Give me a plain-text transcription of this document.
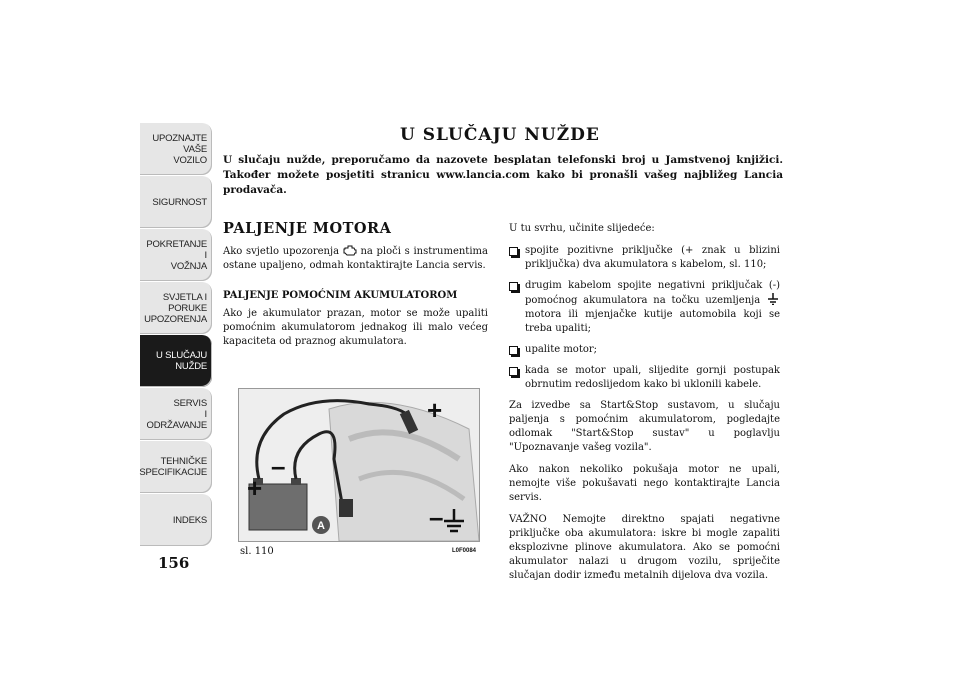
UPOZNAJTE
VAŠE
VOZILO
SIGURNOST
POKRETANJE
I
VOŽNJA
SVJETLA I
PORUKE
UPOZORENJA
U SLUČAJU
NUŽDE
SERVIS
I
ODRŽAVANJE
TEHNIČKE
SPECIFIKACIJE
INDEKS
156
U SLUČAJU NUŽDE
U slučaju nužde, preporučamo da nazovete besplatan telefonski broj u Jamstvenoj knjižici. Također možete posjetiti stranicu www.lancia.com kako bi pronašli vašeg najbližeg Lancia prodavača.
PALJENJE MOTORA

Ako svjetlo upozorenja na ploči s instrumentima ostane upaljeno, odmah kontaktirajte Lancia servis.

PALJENJE POMOĆNIM AKUMULATOROM

Ako je akumulator prazan, motor se može upaliti pomoćnim akumulatorom jednakog ili malo većeg kapaciteta od praznog akumulatora.

A
+
–
+
–
sl. 110	L0F0084

U tu svrhu, učinite slijedeće:

spojite pozitivne priključke (+ znak u blizini priključka) dva akumulatora s kabelom, sl. 110;
drugim kabelom spojite negativni priključak (-) pomoćnog akumulatora na točku uzemljenja  motora ili mjenjačke kutije automobila koji se treba upaliti;
upalite motor;
kada se motor upali, slijedite gornji postupak obrnutim redoslijedom kako bi uklonili kabele.

Za izvedbe sa Start&Stop sustavom, u slučaju paljenja s pomoćnim akumulatorom, pogledajte odlomak "Start&Stop sustav" u poglavlju "Upoznavanje vašeg vozila".

Ako nakon nekoliko pokušaja motor ne upali, nemojte više pokušavati nego kontaktirajte Lancia servis.

VAŽNO Nemojte direktno spajati negativne priključke oba akumulatora: iskre bi mogle zapaliti eksplozivne plinove akumulatora. Ako se pomoćni akumulator nalazi u drugom vozilu, spriječite slučajan dodir između metalnih dijelova dva vozila.
